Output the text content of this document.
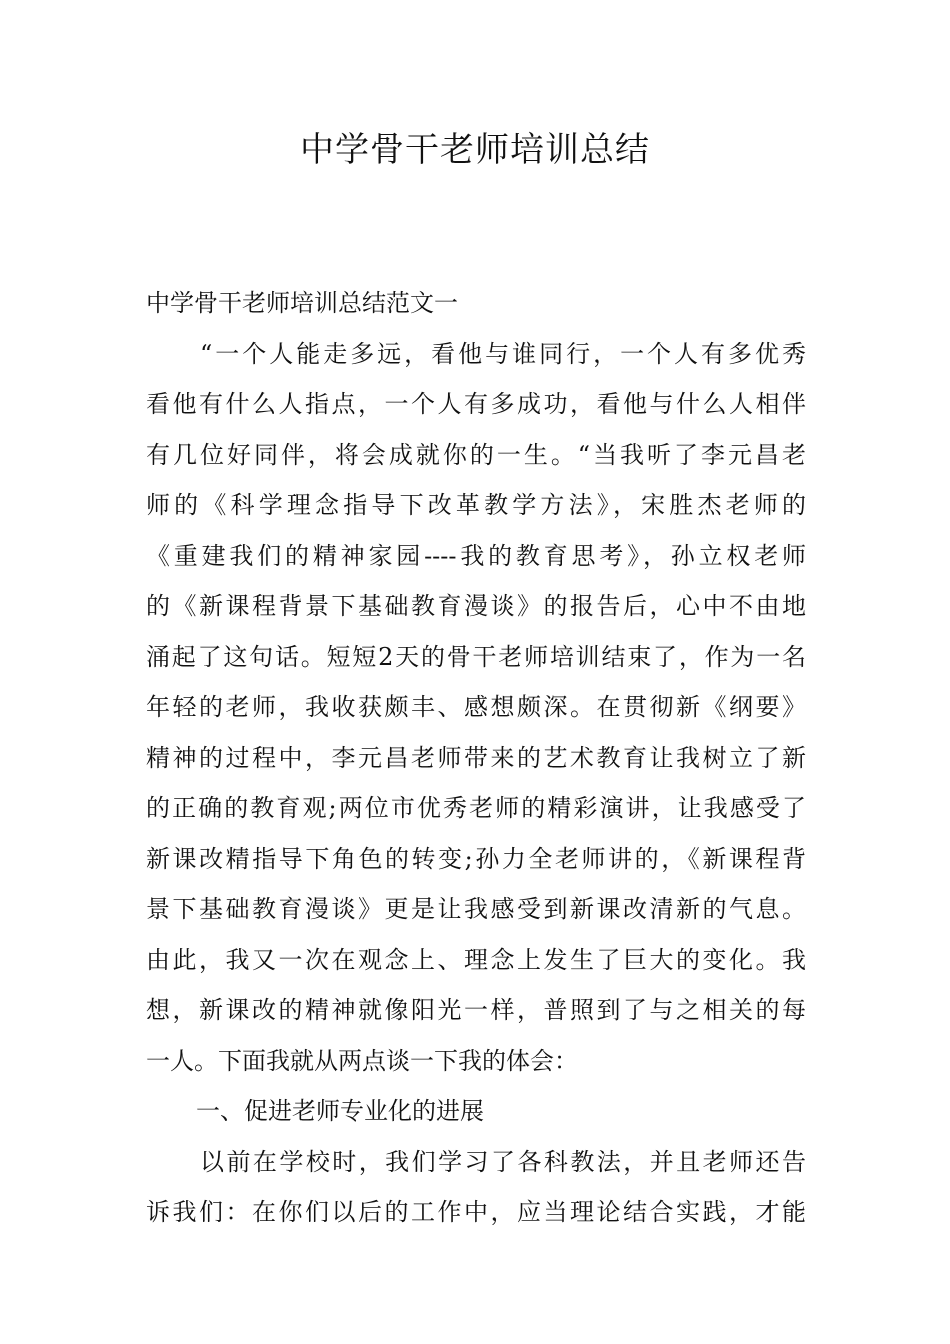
中学骨干老师培训总结
中学骨干老师培训总结范文一
“一个人能走多远，看他与谁同行，一个人有多优秀
看他有什么人指点，一个人有多成功，看他与什么人相伴
有几位好同伴，将会成就你的一生。“当我听了李元昌老
师的《科学理念指导下改革教学方法》，宋胜杰老师的
《重建我们的精神家园----我的教育思考》，孙立权老师
的《新课程背景下基础教育漫谈》的报告后，心中不由地
涌起了这句话。短短2天的骨干老师培训结束了，作为一名
年轻的老师，我收获颇丰、感想颇深。在贯彻新《纲要》
精神的过程中，李元昌老师带来的艺术教育让我树立了新
的正确的教育观;两位市优秀老师的精彩演讲，让我感受了
新课改精指导下角色的转变;孙力全老师讲的，《新课程背
景下基础教育漫谈》更是让我感受到新课改清新的气息。
由此，我又一次在观念上、理念上发生了巨大的变化。我
想，新课改的精神就像阳光一样，普照到了与之相关的每
一人。下面我就从两点谈一下我的体会：
一、促进老师专业化的进展
以前在学校时，我们学习了各科教法，并且老师还告
诉我们：在你们以后的工作中，应当理论结合实践，才能
